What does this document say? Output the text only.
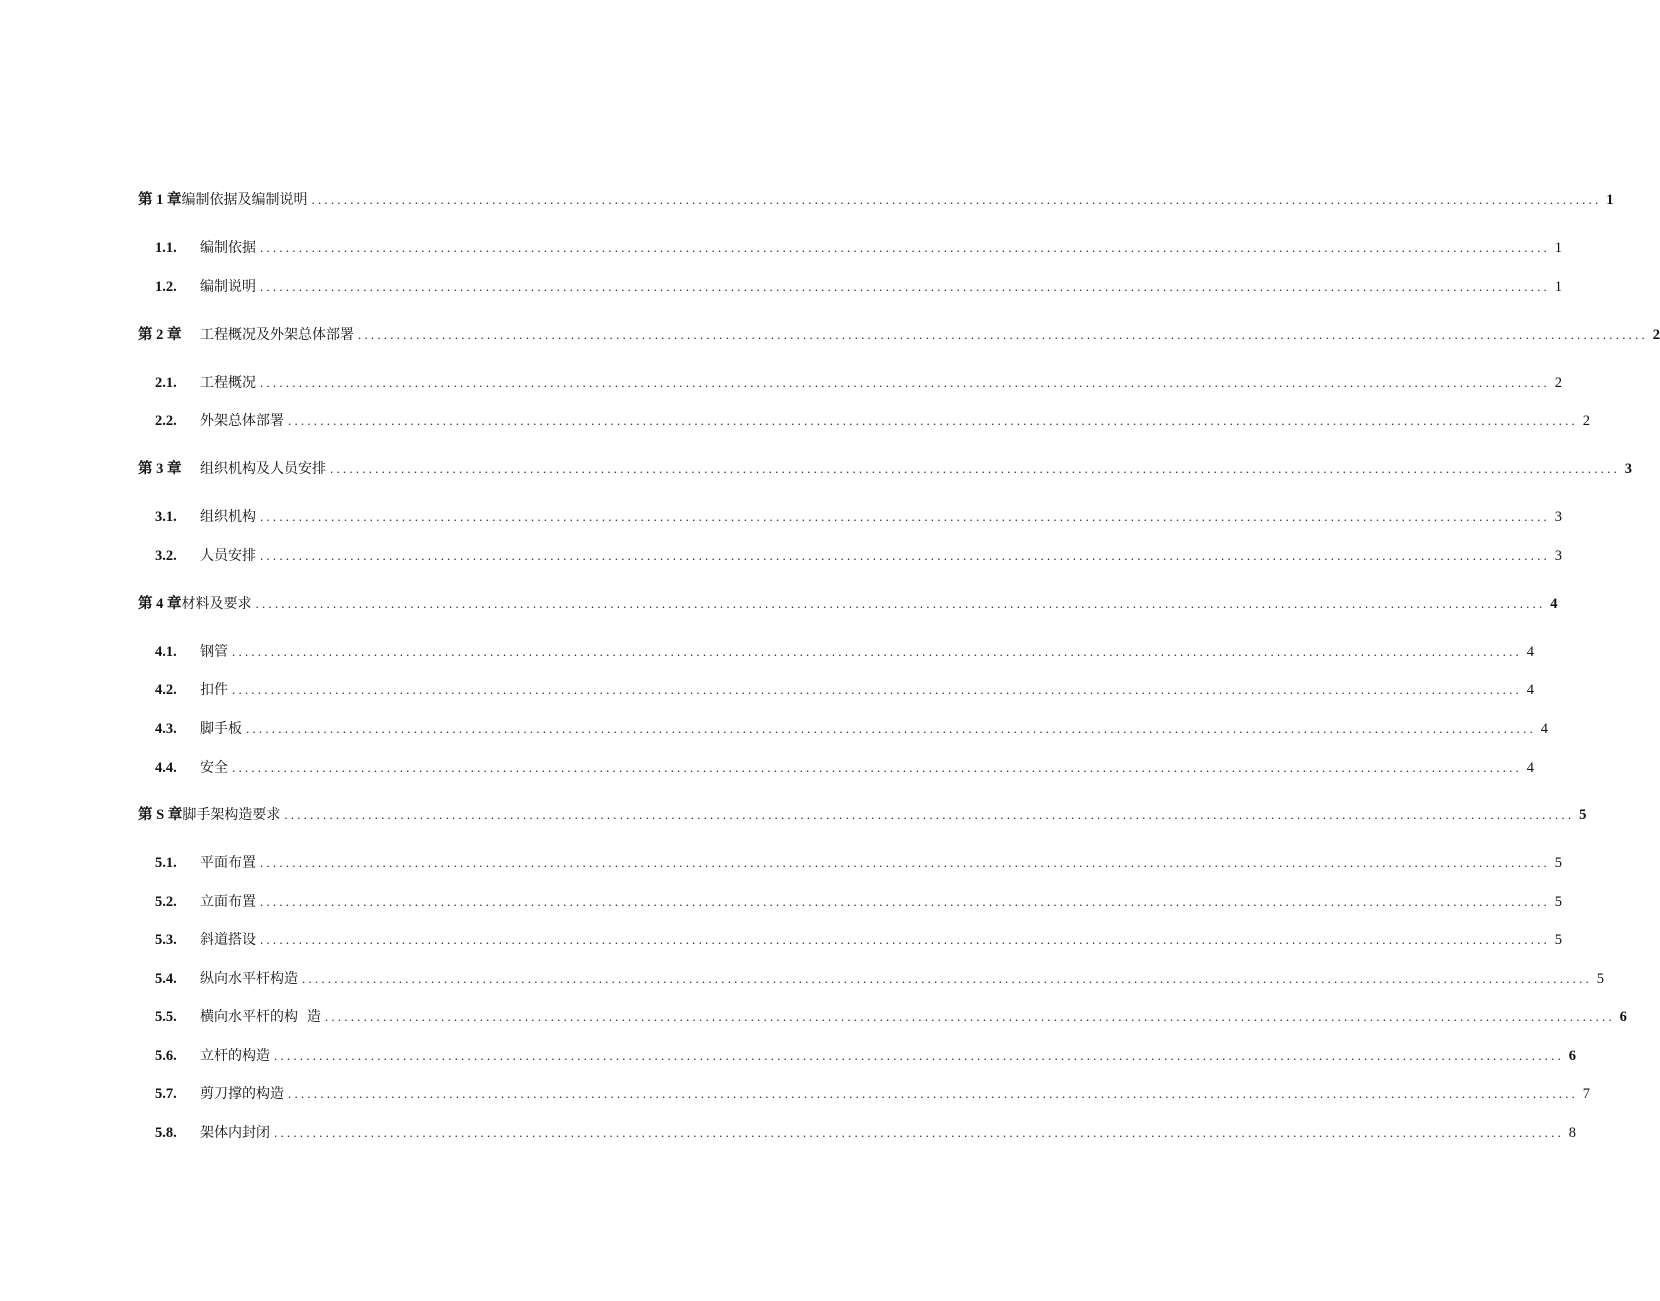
第 1 章 编制依据及编制说明 ........................................................................................................................................................................................................ 1
1.1.	编制依据 ........................................................................................................................................................................................................ 1
1.2.	编制说明 ........................................................................................................................................................................................................ 1
第 2 章	工程概况及外架总体部署 ........................................................................................................................................................................................................ 2
2.1.	工程概况 ........................................................................................................................................................................................................ 2
2.2.	外架总体部署 ........................................................................................................................................................................................................ 2
第 3 章	组织机构及人员安排 ........................................................................................................................................................................................................ 3
3.1.	组织机构 ........................................................................................................................................................................................................ 3
3.2.	人员安排 ........................................................................................................................................................................................................ 3
第 4 章 材料及要求 ........................................................................................................................................................................................................ 4
4.1.	钢管 ........................................................................................................................................................................................................ 4
4.2.	扣件 ........................................................................................................................................................................................................ 4
4.3.	脚手板 ........................................................................................................................................................................................................ 4
4.4.	安全 ........................................................................................................................................................................................................ 4
第 S 章 脚手架构造要求 ........................................................................................................................................................................................................ 5
5.1.	平面布置 ........................................................................................................................................................................................................ 5
5.2.	立面布置 ........................................................................................................................................................................................................ 5
5.3.	斜道搭设 ........................................................................................................................................................................................................ 5
5.4.	纵向水平杆构造 ........................................................................................................................................................................................................ 5
5.5.	横向水平杆的构  造 ........................................................................................................................................................................................................ 6
5.6.	立杆的构造 ........................................................................................................................................................................................................ 6
5.7.	剪刀撑的构造 ........................................................................................................................................................................................................ 7
5.8.	架体内封闭 ........................................................................................................................................................................................................ 8
